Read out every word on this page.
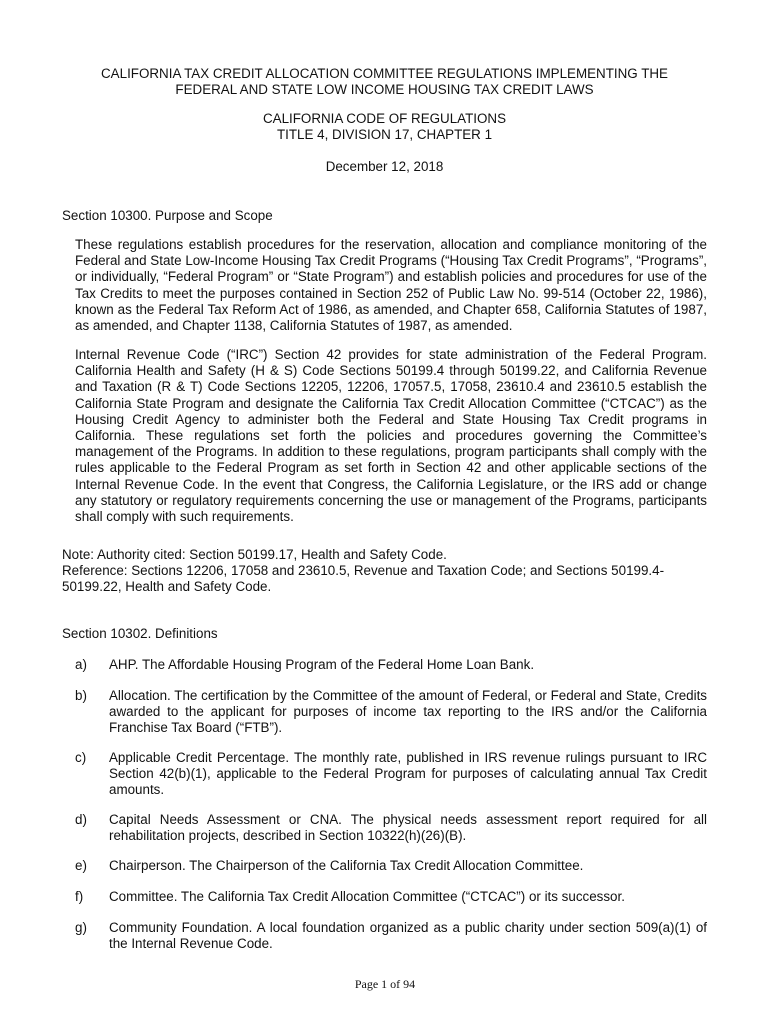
CALIFORNIA TAX CREDIT ALLOCATION COMMITTEE REGULATIONS IMPLEMENTING THE

FEDERAL AND STATE LOW INCOME HOUSING TAX CREDIT LAWS

CALIFORNIA CODE OF REGULATIONS

TITLE 4, DIVISION 17, CHAPTER 1

December 12, 2018
Section 10300. Purpose and Scope
These regulations establish procedures for the reservation, allocation and compliance monitoring of the Federal and State Low-Income Housing Tax Credit Programs (“Housing Tax Credit Programs”, “Programs”, or individually, “Federal Program” or “State Program”) and establish policies and procedures for use of the Tax Credits to meet the purposes contained in Section 252 of Public Law No. 99-514 (October 22, 1986), known as the Federal Tax Reform Act of 1986, as amended, and Chapter 658, California Statutes of 1987, as amended, and Chapter 1138, California Statutes of 1987, as amended.
Internal Revenue Code (“IRC”) Section 42 provides for state administration of the Federal Program. California Health and Safety (H & S) Code Sections 50199.4 through 50199.22, and California Revenue and Taxation (R & T) Code Sections 12205, 12206, 17057.5, 17058, 23610.4 and 23610.5 establish the California State Program and designate the California Tax Credit Allocation Committee (“CTCAC”) as the Housing Credit Agency to administer both the Federal and State Housing Tax Credit programs in California. These regulations set forth the policies and procedures governing the Committee’s management of the Programs. In addition to these regulations, program participants shall comply with the rules applicable to the Federal Program as set forth in Section 42 and other applicable sections of the Internal Revenue Code. In the event that Congress, the California Legislature, or the IRS add or change any statutory or regulatory requirements concerning the use or management of the Programs, participants shall comply with such requirements.

Note: Authority cited: Section 50199.17, Health and Safety Code.

Reference: Sections 12206, 17058 and 23610.5, Revenue and Taxation Code; and Sections 50199.4-50199.22, Health and Safety Code.

Section 10302. Definitions
a)	AHP. The Affordable Housing Program of the Federal Home Loan Bank.
b)	Allocation. The certification by the Committee of the amount of Federal, or Federal and State, Credits awarded to the applicant for purposes of income tax reporting to the IRS and/or the California Franchise Tax Board (“FTB”).
c)	Applicable Credit Percentage. The monthly rate, published in IRS revenue rulings pursuant to IRC Section 42(b)(1), applicable to the Federal Program for purposes of calculating annual Tax Credit amounts.
d)	Capital Needs Assessment or CNA. The physical needs assessment report required for all rehabilitation projects, described in Section 10322(h)(26)(B).
e)	Chairperson. The Chairperson of the California Tax Credit Allocation Committee.
f)	Committee. The California Tax Credit Allocation Committee (“CTCAC”) or its successor.
g)	Community Foundation. A local foundation organized as a public charity under section 509(a)(1) of the Internal Revenue Code.
Page 1 of 94
